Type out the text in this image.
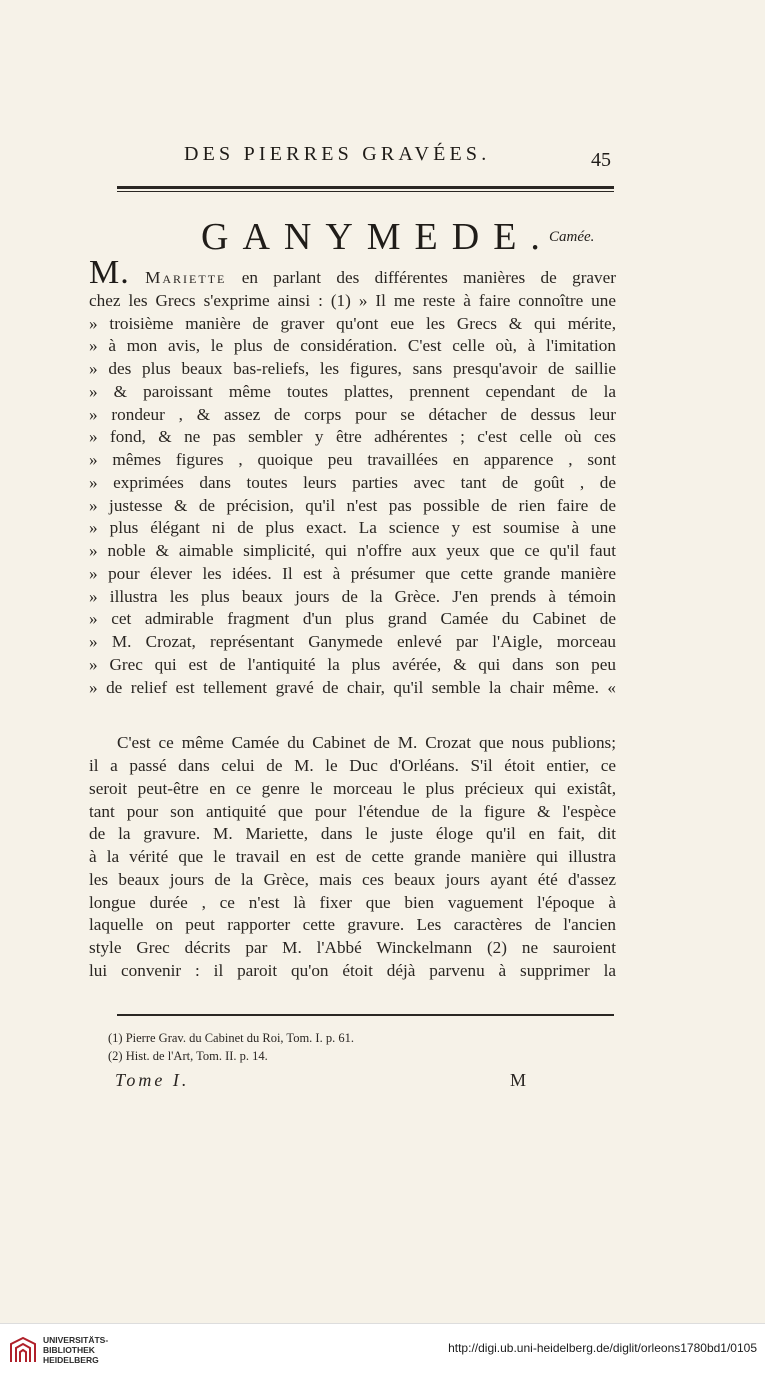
DES PIERRES GRAVÉES.	45
GANYMEDE.
Camée.
M. Mariette en parlant des différentes manières de graver
chez les Grecs s'exprime ainsi : (1) » Il me reste à faire connoître une
» troisième manière de graver qu'ont eue les Grecs & qui mérite,
» à mon avis, le plus de considération. C'est celle où, à l'imitation
» des plus beaux bas-reliefs, les figures, sans presqu'avoir de saillie
» & paroissant même toutes plattes, prennent cependant de la
» rondeur , & assez de corps pour se détacher de dessus leur
» fond, & ne pas sembler y être adhérentes ; c'est celle où ces
» mêmes figures , quoique peu travaillées en apparence , sont
» exprimées dans toutes leurs parties avec tant de goût , de
» justesse & de précision, qu'il n'est pas possible de rien faire de
» plus élégant ni de plus exact. La science y est soumise à une
» noble & aimable simplicité, qui n'offre aux yeux que ce qu'il faut
» pour élever les idées. Il est à présumer que cette grande manière
» illustra les plus beaux jours de la Grèce. J'en prends à témoin
» cet admirable fragment d'un plus grand Camée du Cabinet de
» M. Crozat, représentant Ganymede enlevé par l'Aigle, morceau
» Grec qui est de l'antiquité la plus avérée, & qui dans son peu
» de relief est tellement gravé de chair, qu'il semble la chair même. «
C'est ce même Camée du Cabinet de M. Crozat que nous publions;
il a passé dans celui de M. le Duc d'Orléans. S'il étoit entier, ce
seroit peut-être en ce genre le morceau le plus précieux qui existât,
tant pour son antiquité que pour l'étendue de la figure & l'espèce
de la gravure. M. Mariette, dans le juste éloge qu'il en fait, dit
à la vérité que le travail en est de cette grande manière qui illustra
les beaux jours de la Grèce, mais ces beaux jours ayant été d'assez
longue durée , ce n'est là fixer que bien vaguement l'époque à
laquelle on peut rapporter cette gravure. Les caractères de l'ancien
style Grec décrits par M. l'Abbé Winckelmann (2) ne sauroient
lui convenir : il paroit qu'on étoit déjà parvenu à supprimer la
(1) Pierre Grav. du Cabinet du Roi, Tom. I. p. 61.
(2) Hist. de l'Art, Tom. II. p. 14.
Tome I.	M
UNIVERSITÄTS-
BIBLIOTHEK
HEIDELBERG
http://digi.ub.uni-heidelberg.de/diglit/orleons1780bd1/0105
